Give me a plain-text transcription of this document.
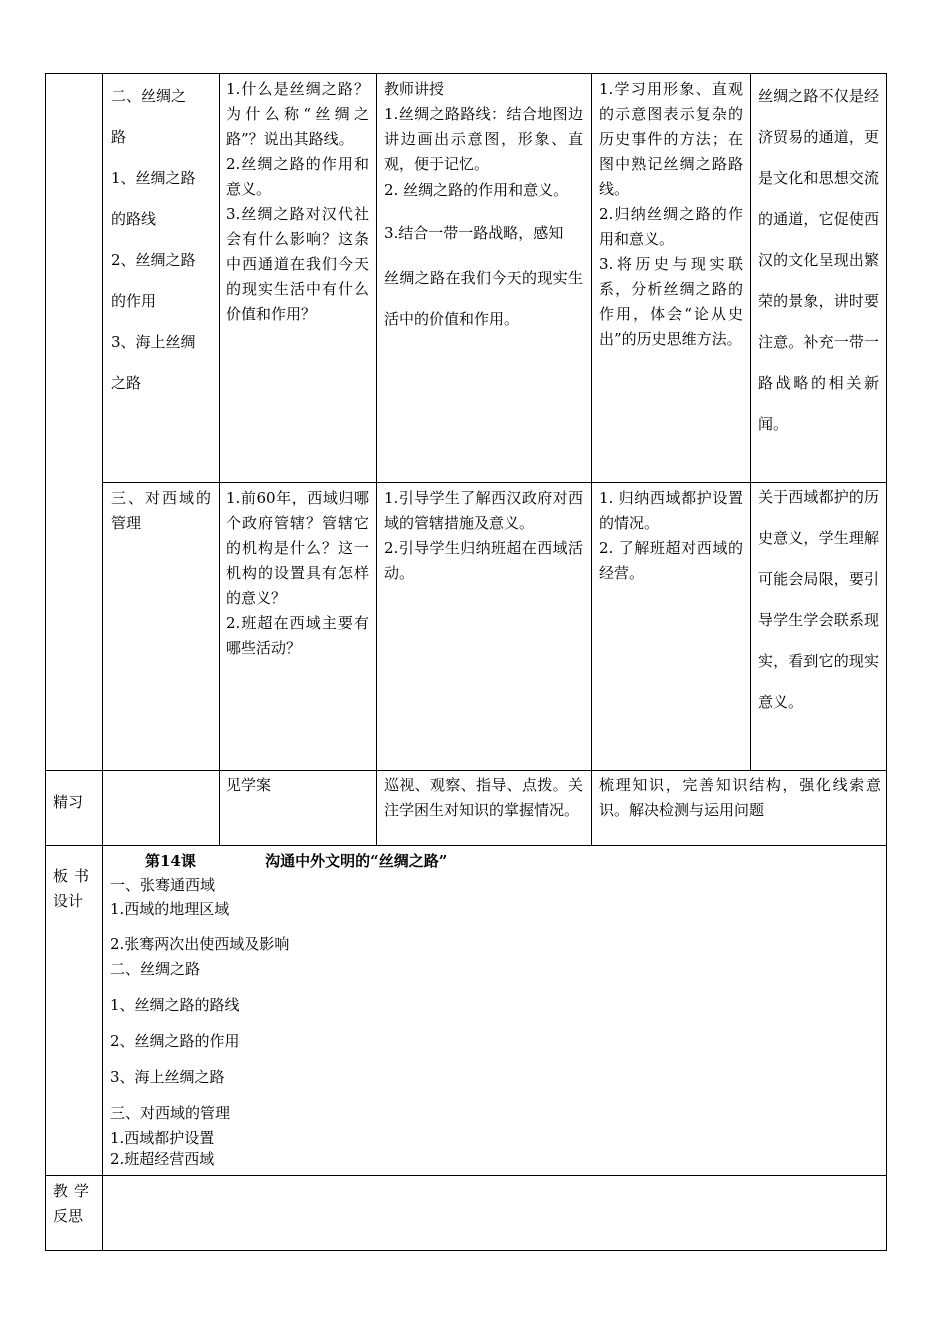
二、丝绸之

路

1、丝绸之路

的路线

2、丝绸之路

的作用

3、海上丝绸

之路

1.什么是丝绸之路？为什么称“丝绸之路”？说出其路线。

2.丝绸之路的作用和意义。

3.丝绸之路对汉代社会有什么影响？这条中西通道在我们今天的现实生活中有什么价值和作用？

教师讲授

1.丝绸之路路线：结合地图边讲边画出示意图，形象、直观，便于记忆。

2. 丝绸之路的作用和意义。

3.结合一带一路战略，感知

丝绸之路在我们今天的现实生活中的价值和作用。

1.学习用形象、直观的示意图表示复杂的历史事件的方法；在图中熟记丝绸之路路线。

2.归纳丝绸之路的作用和意义。

3.将历史与现实联系，分析丝绸之路的作用，体会“论从史出”的历史思维方法。

丝绸之路不仅是经济贸易的通道，更是文化和思想交流的通道，它促使西汉的文化呈现出繁荣的景象，讲时要注意。补充一带一路战略的相关新闻。

三、对西域的管理

1.前60年，西域归哪个政府管辖？管辖它的机构是什么？这一机构的设置具有怎样的意义？

2.班超在西域主要有哪些活动？

1.引导学生了解西汉政府对西域的管辖措施及意义。

2.引导学生归纳班超在西域活动。

1. 归纳西域都护设置的情况。

2. 了解班超对西域的经营。

关于西域都护的历史意义，学生理解可能会局限，要引导学生学会联系现实，看到它的现实意义。

精习

见学案	巡视、观察、指导、点拨。关注学困生对知识的掌握情况。

梳理知识，完善知识结构，强化线索意识。解决检测与运用问题

板书

设计

第14课	沟通中外文明的“丝绸之路”

一、张骞通西域

1.西域的地理区域

2.张骞两次出使西域及影响

二、丝绸之路

1、丝绸之路的路线

2、丝绸之路的作用

3、海上丝绸之路

三、对西域的管理

1.西域都护设置

2.班超经营西域

教学

反思
